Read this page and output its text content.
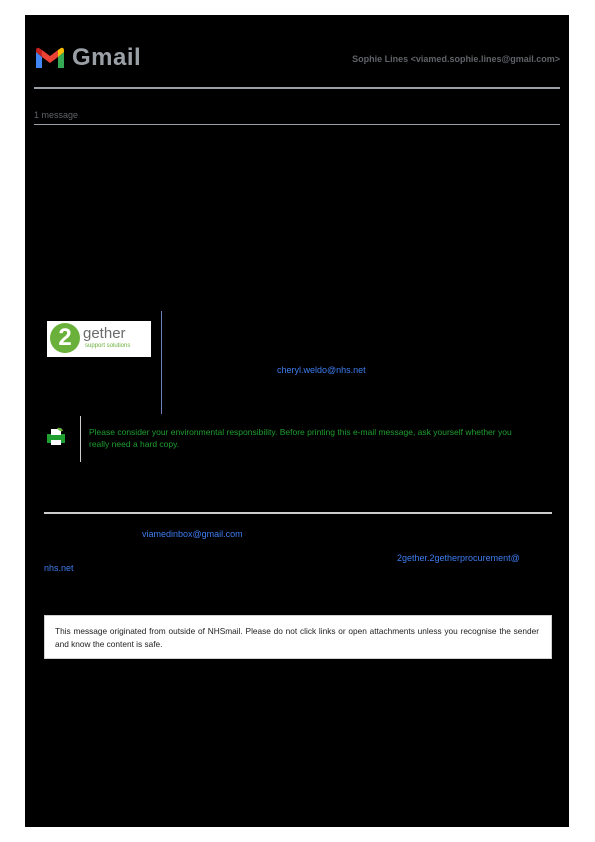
Gmail	Sophie Lines <viamed.sophie.lines@gmail.com>
1 message
2 gether
support solutions
cheryl.weldo@nhs.net
Please consider your environmental responsibility. Before printing this e-mail message, ask yourself whether you really need a hard copy.
viamedinbox@gmail.com
2gether.2getherprocurement@
nhs.net

This message originated from outside of NHSmail. Please do not click links or open attachments unless you recognise the sender and know the content is safe.
